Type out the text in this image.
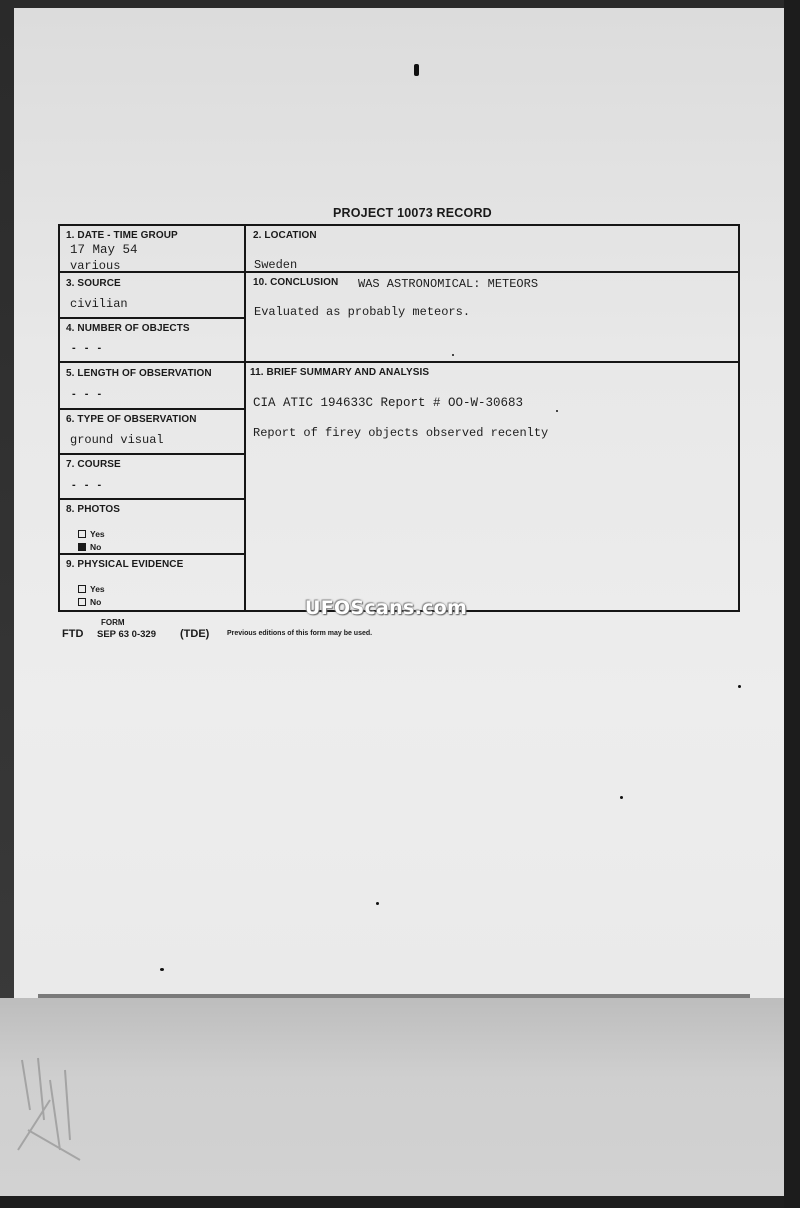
PROJECT 10073 RECORD
1. DATE - TIME GROUP
17 May 54
various
2. LOCATION
Sweden
3. SOURCE
civilian
10. CONCLUSION WAS ASTRONOMICAL: METEORS
Evaluated as probably meteors.
4. NUMBER OF OBJECTS
- - -
5. LENGTH OF OBSERVATION
- - -
11. BRIEF SUMMARY AND ANALYSIS
CIA ATIC 194633C Report # OO-W-30683
Report of firey objects observed recenlty
6. TYPE OF OBSERVATION
ground visual
7. COURSE
- - -
8. PHOTOS
Yes
No
9. PHYSICAL EVIDENCE
Yes
No
FORM
FTD SEP 63 0-329 (TDE)	Previous editions of this form may be used.
UFOScans.com
